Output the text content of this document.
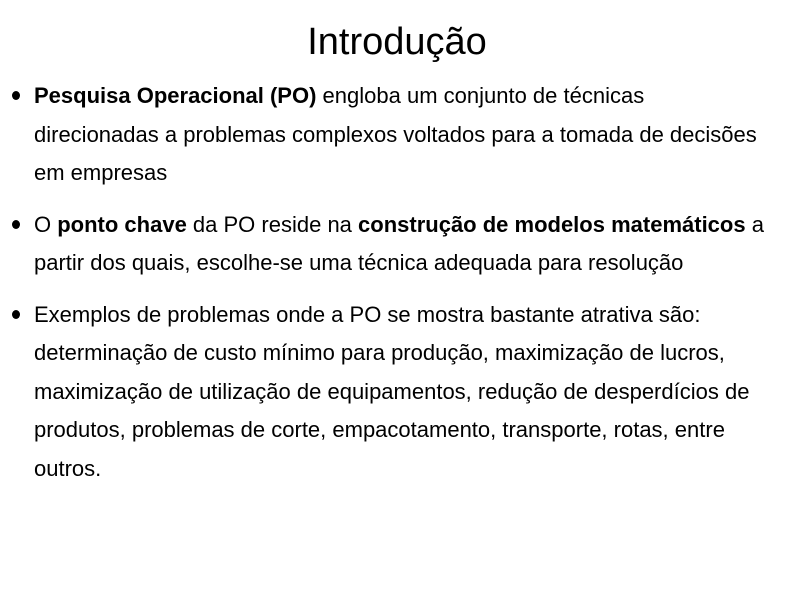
Introdução
Pesquisa Operacional (PO) engloba um conjunto de técnicas direcionadas a problemas complexos voltados para a tomada de decisões em empresas
O ponto chave da PO reside na construção de modelos matemáticos a partir dos quais, escolhe-se uma técnica adequada para resolução
Exemplos de problemas onde a PO se mostra bastante atrativa são: determinação de custo mínimo para produção, maximização de lucros, maximização de utilização de equipamentos, redução de desperdícios de produtos, problemas de corte, empacotamento, transporte, rotas, entre outros.
